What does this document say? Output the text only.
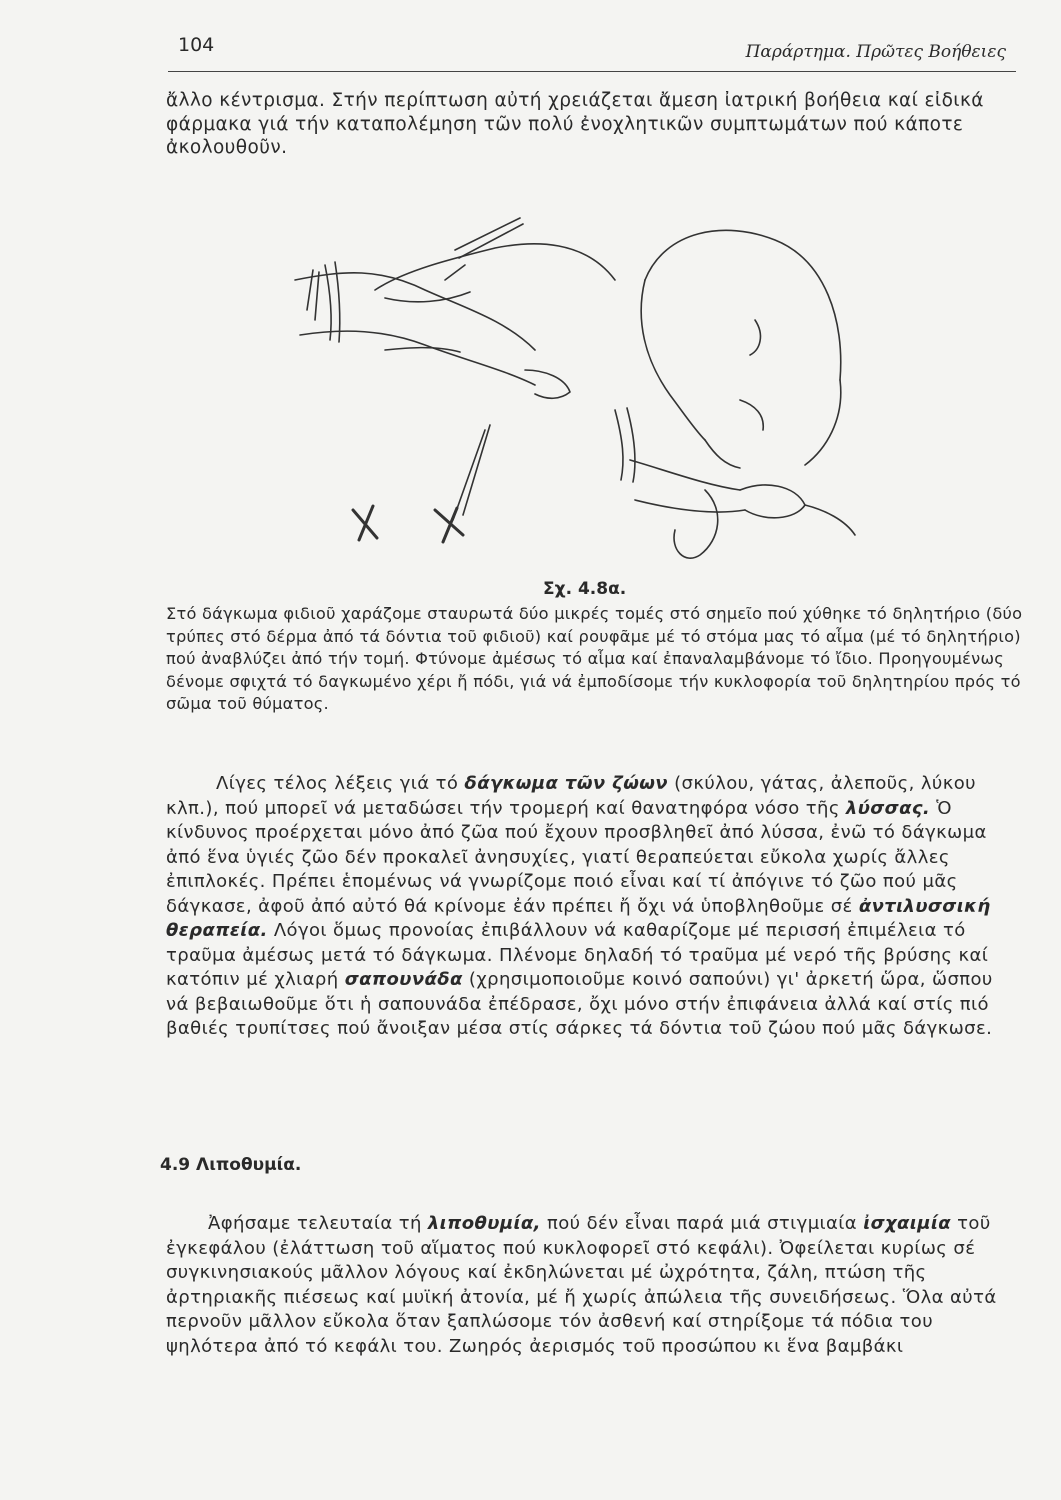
104	Παράρτημα. Πρῶτες Βοήθειες

ἄλλο κέντρισμα. Στήν περίπτωση αὐτή χρειάζεται ἄμεση ἰατρική βοήθεια καί εἰδικά φάρμακα γιά τήν καταπολέμηση τῶν πολύ ἐνοχλητικῶν συμπτωμάτων πού κάποτε ἀκολουθοῦν.

Σχ. 4.8α.

Στό δάγκωμα φιδιοῦ χαράζομε σταυρωτά δύο μικρές τομές στό σημεῖο πού χύθηκε τό δηλητήριο (δύο τρύπες στό δέρμα ἀπό τά δόντια τοῦ φιδιοῦ) καί ρουφᾶμε μέ τό στόμα μας τό αἷμα (μέ τό δηλητήριο) πού ἀναβλύζει ἀπό τήν τομή. Φτύνομε ἀμέσως τό αἷμα καί ἐπαναλαμβάνομε τό ἴδιο. Προηγουμένως δένομε σφιχτά τό δαγκωμένο χέρι ἤ πόδι, γιά νά ἐμποδίσομε τήν κυκλοφορία τοῦ δηλητηρίου πρός τό σῶμα τοῦ θύματος.

Λίγες τέλος λέξεις γιά τό δάγκωμα τῶν ζώων (σκύλου, γάτας, ἀλεποῦς, λύκου κλπ.), πού μπορεῖ νά μεταδώσει τήν τρομερή καί θανατηφόρα νόσο τῆς λύσσας. Ὁ κίνδυνος προέρχεται μόνο ἀπό ζῶα πού ἔχουν προσβληθεῖ ἀπό λύσσα, ἐνῶ τό δάγκωμα ἀπό ἕνα ὑγιές ζῶο δέν προκαλεῖ ἀνησυχίες, γιατί θεραπεύεται εὔκολα χωρίς ἄλλες ἐπιπλοκές. Πρέπει ἑπομένως νά γνωρίζομε ποιό εἶναι καί τί ἀπόγινε τό ζῶο πού μᾶς δάγκασε, ἀφοῦ ἀπό αὐτό θά κρίνομε ἐάν πρέπει ἤ ὄχι νά ὑποβληθοῦμε σέ ἀντιλυσσική θεραπεία. Λόγοι ὅμως προνοίας ἐπιβάλλουν νά καθαρίζομε μέ περισσή ἐπιμέλεια τό τραῦμα ἀμέσως μετά τό δάγκωμα. Πλένομε δηλαδή τό τραῦμα μέ νερό τῆς βρύσης καί κατόπιν μέ χλιαρή σαπουνάδα (χρησιμοποιοῦμε κοινό σαπούνι) γι' ἀρκετή ὥρα, ὥσπου νά βεβαιωθοῦμε ὅτι ἡ σαπουνάδα ἐπέδρασε, ὄχι μόνο στήν ἐπιφάνεια ἀλλά καί στίς πιό βαθιές τρυπίτσες πού ἄνοιξαν μέσα στίς σάρκες τά δόντια τοῦ ζώου πού μᾶς δάγκωσε.

4.9 Λιποθυμία.

Ἀφήσαμε τελευταία τή λιποθυμία, πού δέν εἶναι παρά μιά στιγμιαία ἰσχαιμία τοῦ ἐγκεφάλου (ἐλάττωση τοῦ αἵματος πού κυκλοφορεῖ στό κεφάλι). Ὀφείλεται κυρίως σέ συγκινησιακούς μᾶλλον λόγους καί ἐκδηλώνεται μέ ὠχρότητα, ζάλη, πτώση τῆς ἀρτηριακῆς πιέσεως καί μυϊκή ἀτονία, μέ ἤ χωρίς ἀπώλεια τῆς συνειδήσεως. Ὅλα αὐτά περνοῦν μᾶλλον εὔκολα ὅταν ξαπλώσομε τόν ἀσθενή καί στηρίξομε τά πόδια του ψηλότερα ἀπό τό κεφάλι του. Ζωηρός ἀερισμός τοῦ προσώπου κι ἕνα βαμβάκι
